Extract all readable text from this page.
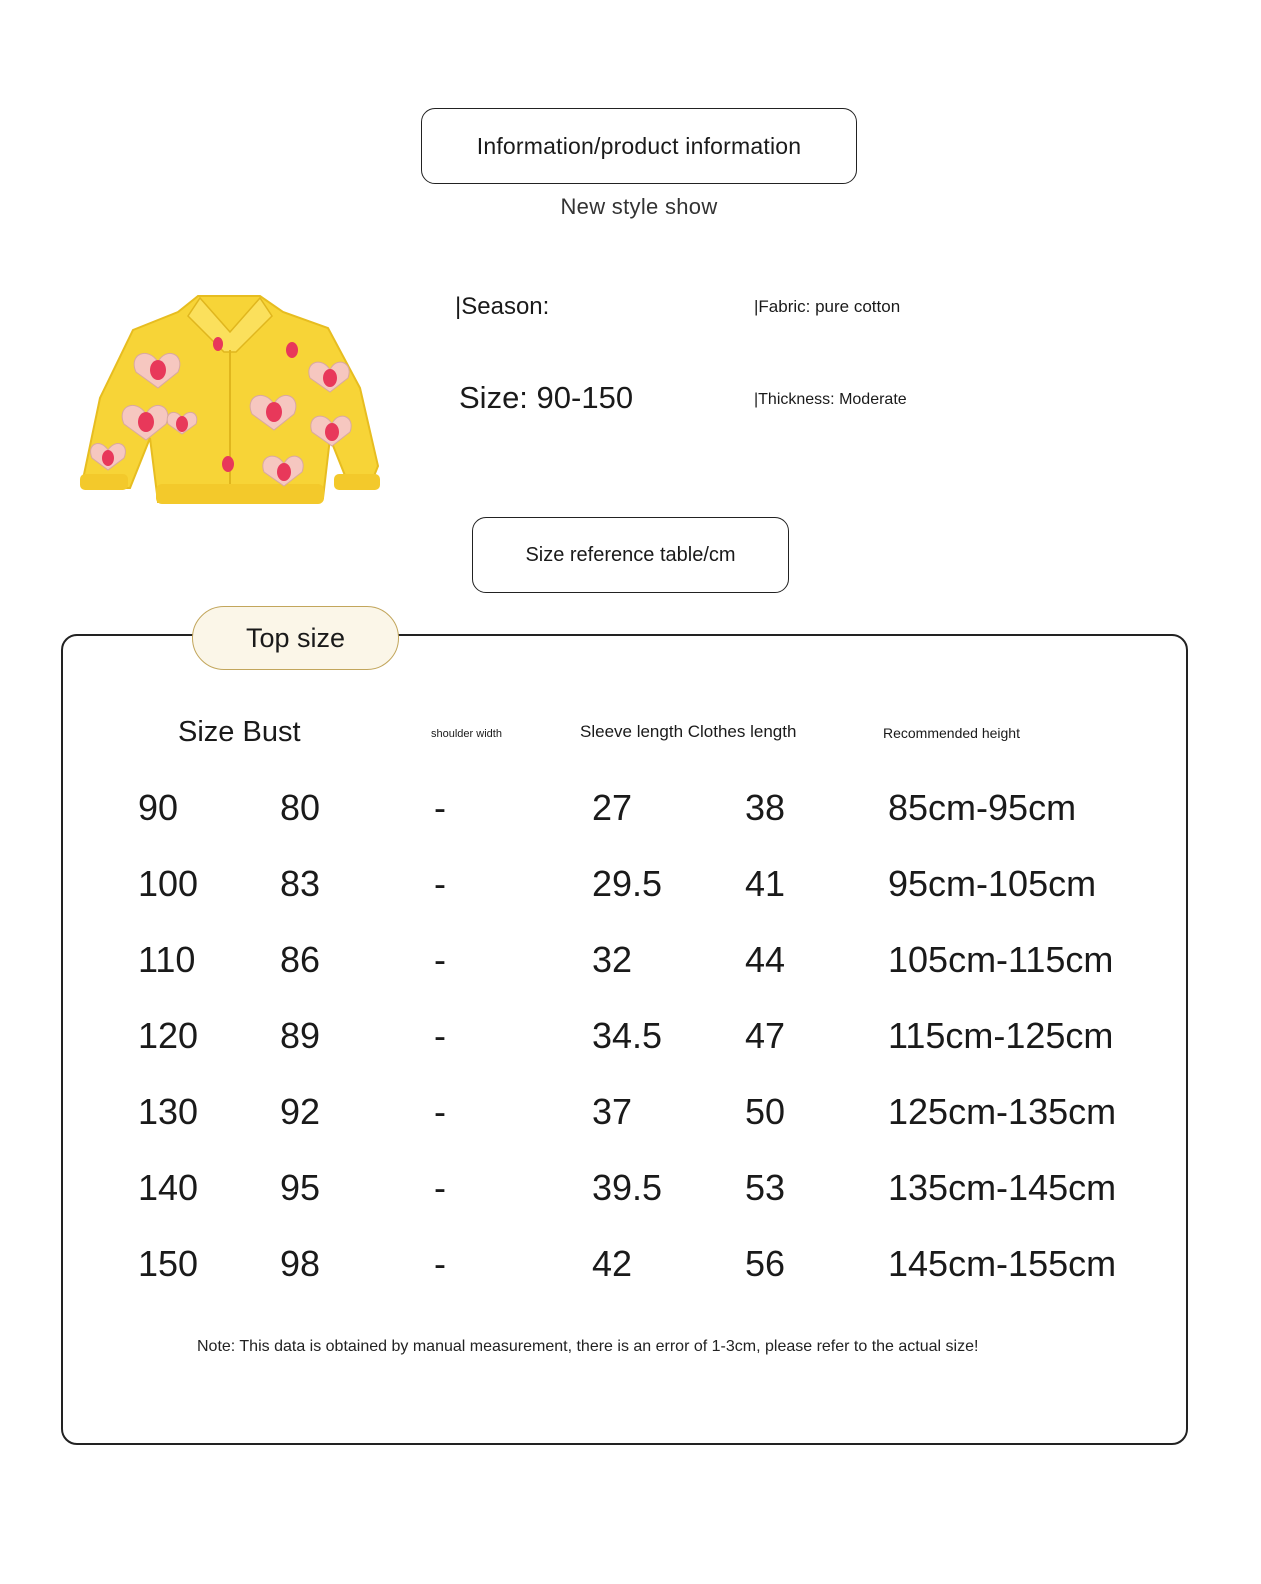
Information/product information
New style show
|Season:
Size: 90-150
|Fabric: pure cotton
|Thickness: Moderate
Size reference table/cm
Top size
Size Bust	shoulder width	Sleeve length Clothes length	Recommended height
90	80	-	27	38	85cm-95cm
100 83	-	29.5 41	95cm-105cm
110 86	-	32	44	105cm-115cm
120 89	-	34.5 47	115cm-125cm
130 92	-	37	50	125cm-135cm
140 95	-	39.5 53	135cm-145cm
150 98	-	42	56	145cm-155cm
Note: This data is obtained by manual measurement, there is an error of 1-3cm, please refer to the actual size!
